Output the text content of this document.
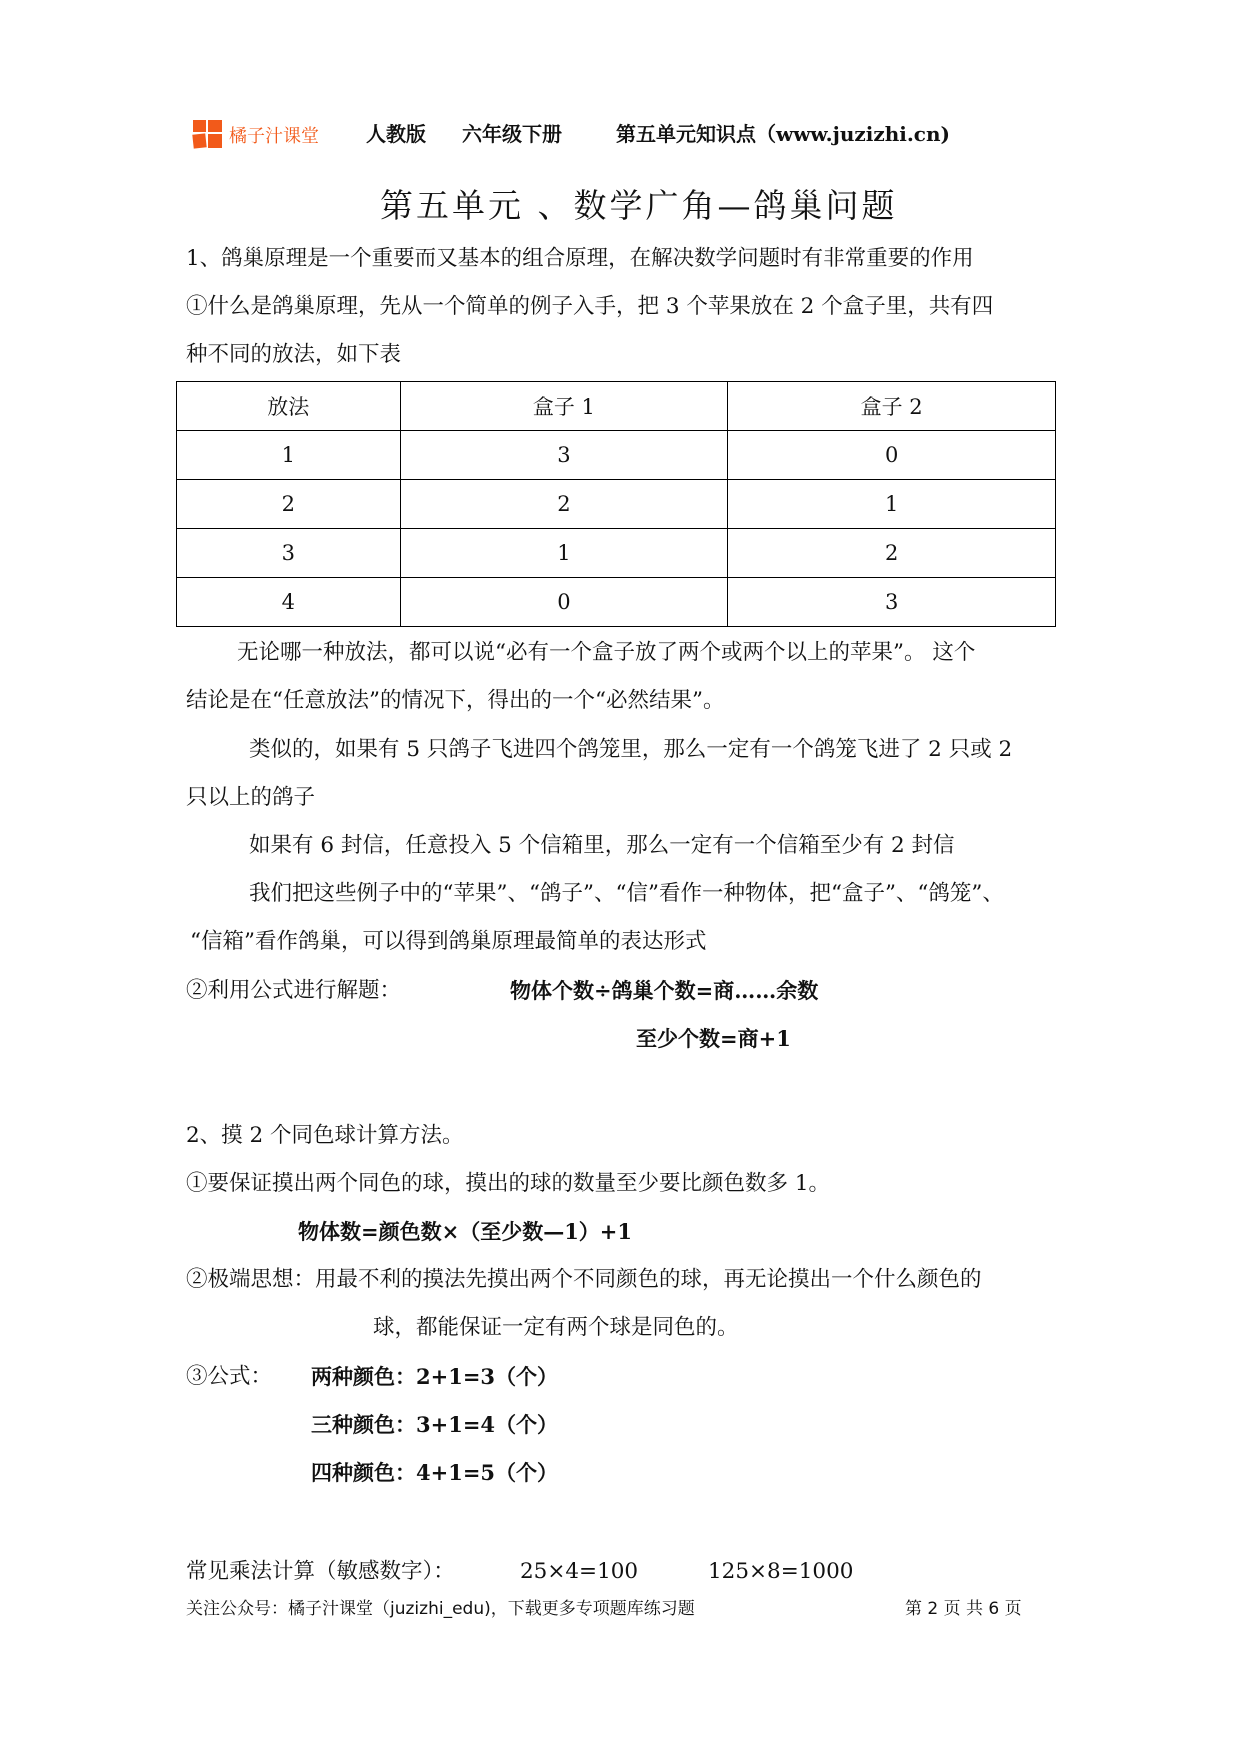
橘子汁课堂 人教版 六年级下册	第五单元知识点（www.juzizhi.cn)
第五单元 、数学广角—鸽巢问题
1、鸽巢原理是一个重要而又基本的组合原理，在解决数学问题时有非常重要的作用
①什么是鸽巢原理，先从一个简单的例子入手，把 3 个苹果放在 2 个盒子里，共有四
种不同的放法，如下表
放法	盒子 1	盒子 2
1	3	0
2	2	1
3	1	2
4	0	3
无论哪一种放法，都可以说“必有一个盒子放了两个或两个以上的苹果”。 这个
结论是在“任意放法”的情况下，得出的一个“必然结果”。
类似的，如果有 5 只鸽子飞进四个鸽笼里，那么一定有一个鸽笼飞进了 2 只或 2
只以上的鸽子
如果有 6 封信，任意投入 5 个信箱里，那么一定有一个信箱至少有 2 封信
我们把这些例子中的“苹果”、“鸽子”、“信”看作一种物体，把“盒子”、“鸽笼”、
“信箱”看作鸽巢，可以得到鸽巢原理最简单的表达形式
②利用公式进行解题：	物体个数÷鸽巢个数=商……余数
至少个数=商+1
2、摸 2 个同色球计算方法。
①要保证摸出两个同色的球，摸出的球的数量至少要比颜色数多 1。
物体数=颜色数×（至少数—1）+1
②极端思想：用最不利的摸法先摸出两个不同颜色的球，再无论摸出一个什么颜色的
球，都能保证一定有两个球是同色的。
③公式： 两种颜色：2+1=3（个）
三种颜色：3+1=4（个）
四种颜色：4+1=5（个）
常见乘法计算（敏感数字）：	25×4=100	125×8=1000
关注公众号：橘子汁课堂（juzizhi_edu)，下载更多专项题库练习题	第 2 页 共 6 页
